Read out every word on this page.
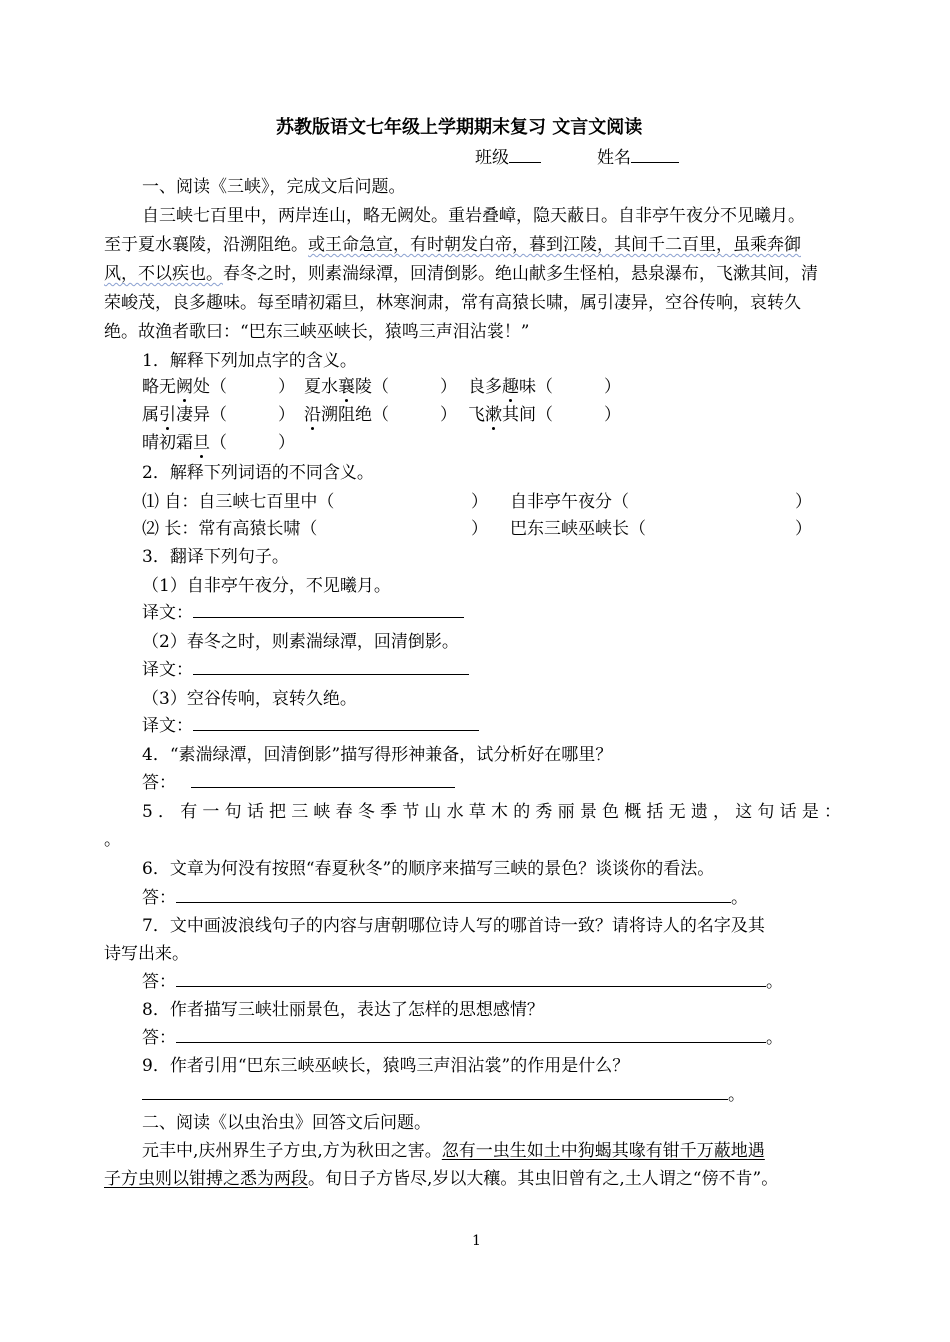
苏教版语文七年级上学期期末复习 文言文阅读
班级	姓名
一、阅读《三峡》，完成文后问题。
自三峡七百里中，两岸连山，略无阙处。重岩叠嶂，隐天蔽日。自非亭午夜分不见曦月。
至于夏水襄陵，沿溯阻绝。或王命急宣，有时朝发白帝，暮到江陵，其间千二百里，虽乘奔御
风，不以疾也。春冬之时，则素湍绿潭，回清倒影。绝山献多生怪柏，悬泉瀑布，飞漱其间，清
荣峻茂，良多趣味。每至晴初霜旦，林寒涧肃，常有高猿长啸，属引凄异，空谷传响，哀转久
绝。故渔者歌曰：“巴东三峡巫峡长，猿鸣三声泪沾裳！”
1．解释下列加点字的含义。
略无阙处（　　　） 夏水襄陵（　　　） 良多趣味（　　　）
属引凄异（　　　） 沿溯阻绝（　　　） 飞漱其间（　　　）
晴初霜旦（　　　）
2．解释下列词语的不同含义。
⑴ 自：自三峡七百里中（	） 自非亭午夜分（	）
⑵ 长：常有高猿长啸（	） 巴东三峡巫峡长（	）
3．翻译下列句子。
（1）自非亭午夜分，不见曦月。
译文：
（2）春冬之时，则素湍绿潭，回清倒影。
译文：
（3）空谷传响，哀转久绝。
译文：
4．“素湍绿潭，回清倒影”描写得形神兼备，试分析好在哪里？
答：
5．有一句话把三峡春冬季节山水草木的秀丽景色概括无遗，这句话是：
。
6．文章为何没有按照“春夏秋冬”的顺序来描写三峡的景色？谈谈你的看法。
答：	。
7．文中画波浪线句子的内容与唐朝哪位诗人写的哪首诗一致？请将诗人的名字及其
诗写出来。
答：	。
8．作者描写三峡壮丽景色，表达了怎样的思想感情？
答：	。
9．作者引用“巴东三峡巫峡长，猿鸣三声泪沾裳”的作用是什么？
。
二、阅读《以虫治虫》回答文后问题。
元丰中,庆州界生子方虫,方为秋田之害。忽有一虫生如土中狗蝎其喙有钳千万蔽地遇
子方虫则以钳搏之悉为两段。旬日子方皆尽,岁以大穰。其虫旧曾有之,土人谓之“傍不肯”。
1
